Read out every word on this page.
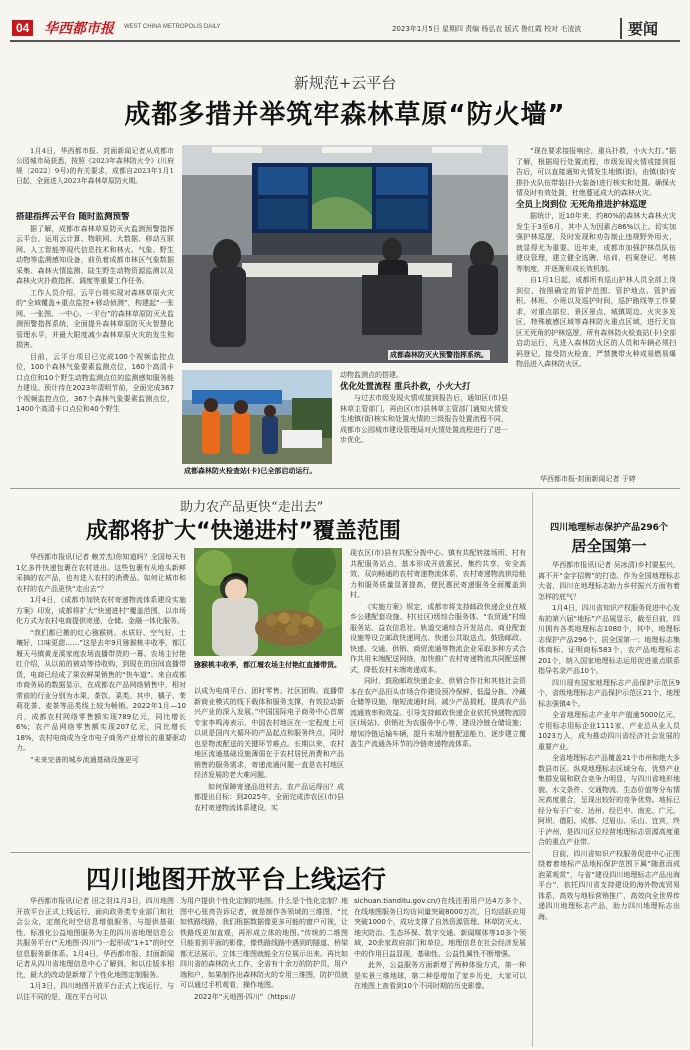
04 华西都市报 WEST CHINA METROPOLIS DAILY	2023年1月5日 星期四 责编 杨弘农 版式 鲁红霞 校对 毛凌波	要闻
新规范+云平台
成都多措并举筑牢森林草原“防火墙”

1月4日，华西都市报、封面新闻记者从成都市公园城市局获悉，按照《2023年森林防火令》(川府规〔2022〕9号)的有关要求，成都自2023年1月1日起，全面进入2023年森林草原防火期。

搭建指挥云平台 随时监测预警

据了解，成都市森林草原防灭火监测预警指挥云平台，运用云计算、物联网、大数据、移动互联网、人工智能等现代信息技术和林火、气象、野生动物等监测感知设备，前负着成都市林区气象数据采集、森林火情监测、陆生野生动物资源监测以及森林火灾扑救指挥、调度等重要工作任务。

工作人员介绍，云平台将实现对森林草原火灾的“全域覆盖+重点监控+移动侦测”，构建起“一张网、一张图、一中心、一平台”的森林草原防灭火监测预警指挥系统，全面提升森林草原防灭火智慧化管理水平，并最大限度减少森林草原火灾的发生和损害。

目前，云平台项目已完成100个视频监控点位，100个森林气象要素监测点位，160个高清卡口点位和10个野生动物监测点位的监测感知服务能力建设。预计待在2023年清明节前，全面完成367个视频监控点位，367个森林气象要素监测点位，1400个高清卡口点位和40个野生

成都森林防灭火预警指挥系统。
成都森林防火检查站(卡)已全部启动运行。

动物监测点的搭建。

优化处置流程 重兵扑救，小火大打

与过去市级发现火情或接到报告后，通知区(市)县林草主管部门，再由区(市)县林草主管部门通知火情发生地镇(街)核实和处置火情的三级报告处置流程不同，成都市公园城市建设管理局对火情处置流程进行了进一步优化。

“现在要求接报响应，重兵扑救，小火大打。”据了解，根据现行处置流程，市级发现火情或接到报告后，可以直接通知火情发生地镇(街)，由镇(街)安排扑火队伍带装(扑火装备)进行核实和处置。确保火情及时有效处置，杜绝蔓延成大的森林火灾。

全员上岗到位 无死角推进护林巡逻

据统计，近10年来，约80%的森林大森林火灾发生于3至6月，其中人为因素占86%以上。切实加强护林巡逻，及时发现和劝告制止违规野外用火，就显得尤为重要。近年来，成都市加强护林员队伍建设管理，建立健全选聘、培训、档案登记、考核等制度，并逐渐形成长效机制。

自1月1日起，成都所有巡山护林人员全部上岗到位，按照确定的管护范围、管护地点、管护面积、林班、小班以及巡护时间，巡护路线等工作要求，对重点部位、景区景点、城镇周边、火灾多发区，特殊敏感区域等森林防火重点区域，进行无盲区无死角的护林巡逻。所有森林防火检查站(卡)全部启动运行，凡进入森林防火区的人员和车辆必须扫码登记，接受防火检查，严禁携带火种或易燃易爆物品进入森林防火区。

华西都市报-封面新闻记者 于婷
助力农产品更快“走出去”
成都将扩大“快递进村”覆盖范围

华西都市报讯(记者 赖芳杰)你知道吗？全国每天有1亿多件快递包裹在农村进出。这些包裹有从地头新鲜采摘的农产品，也有进入农村的消费品。如何让城市和农村的农产品更快“走出去”？

1月4日，《成都市加快农村寄递物流体系建设实施方案》印发，成都将扩大“快递进村”覆盖范围，以市场化方式为农村电商提供寄递、仓储、金融一体化服务。

“我们都已搬的红心猕猴桃、水质好、空气好，土壤好，口味更甜……”这是去年9月猕猴桃丰收季，都江堰天马镇黄龙溪家庭农场直播带货的一幕。农场主付艳红介绍，从以前的被动等待收购，到现在的田间直播带货，电商已经成了果农鲜果销售的“快车道”。来自成都市商务局的数据显示，在成都农产品网络销售中，相对常前的行业分别为水果、茶饮、菜类。其中，橘子、茉莉花茶、麦茶等品类线上较为畅销。2022年1月—10月，成都农村网络零售额实现789亿元，同比增长6%；农产品网络零售额实现207亿元，同比增长18%，农村电商成为全市电子商务产业增长的重要驱动力。

“未来完善的城乡流通基础设施更可

猕猴桃丰收季，都江堰农场主付艳红直播带货。

以成为电商平台、团时零售、社区团购、直播带新商业模式的线下载体和服务支撑，有效拉动新兴产业的深入发展。”中国国际电子商务中心首席专家李鸣涛表示，中国农村地区在一定程度上可以说是国内大循环的产品起点和服务终点，同时也是物流配送的关键环节难点。长期以来，农村地区流通基础设施薄弱在于农村居民消费和产品销售的服务需求，寄递流通问题一直是农村地区经济发展的老大难问题。

如何保障寄递品进村去，农产品运得出？成都提出目标：到2025年，全面完成涉农区(市)县农村寄递物流体系建设，实

现农区(市)县有共配分拨中心、镇有共配转接场所、村有共配服务站点，基本形成开放惠民、集约共享、安全高效、双向畅通的农村寄递物流体系，农村寄递物流供给能力和服务质量显著提高，便民惠民寄递服务全面覆盖到村。

《实施方案》规定，成都市将支持邮政快递企业在城乡公建配套设施、村(社区)级综合服务体、“农贸通”村级服务站、益农信息社、轨道交通综合开发站点、商业配套设施等设立邮政快递网点、快递公共取送点。鼓励邮政、快递、交通、供销、商贸流通等物流企业采取多种方式合作共用末端配送网络，加快推广农村寄递物流共同配送模式，降低农村末端寄递成本。

同时，鼓励邮政快递企业、供销合作社和其他社会资本在农产品田头市场合作建设预冷保鲜、低温分拣、冷藏仓储等设施，缩短流通时间，减少产品损耗，提高农产品流通效率和效益。引导支持邮政快递企业依托快递物流园区(场站)、供销社为农服务中心等，建设冷链仓储设施；增加冷链运输车辆，提升末端冷链配送能力，逐步建立覆盖生产流通各环节的冷链寄递物流体系。

四川地理标志保护产品296个
居全国第一

华西都市报讯(记者 吴冰清)乡村要振兴，离不开“金字招牌”的打造。作为全国地理标志大省，四川在地理标志助力乡村振兴方面有着怎样的底气？

1月4日，四川省知识产权服务促进中心发布的第六届“地标”产品展显示，截至目前，四川拥有各类地理标志1080个，其中，地理标志保护产品296个，居全国第一；地理标志集体商标、证明商标583个，农产品地理标志201个，纳入国家地理标志运用促进重点联系指导名录产品10个。

四川现有国家地理标志产品保护示范区9个，省级地理标志产品保护示范区21个，地理标志强镇4个。

全省地理标志产业年产值逾5000亿元，专用标志用标企业1111家，产业总从业人员1023万人，成为推动四川省经济社会发展的重要产业。

全省地理标志产品覆盖21个市州和绝大多数县市区。纵观地理标志区域分布，优势产业集群发展和联合竞争力明显，与四川省地形地貌、水文条件、交通物流、生态价值等分布情况高度重合，呈现出较好的竞争优势。地标已经分布于广安、达州、经巴中、南充、广元、阿坝、德阳、成都、过眉山、乐山、宜宾，终于泸州，是四川区位经营地理标志资源高度重合的重点产业带。

目前，四川省知识产权服务促进中心正围绕着着地标产品地标保护范围下属“随意而成泡菜观赏”，与省“建设四川地理标志产品出海平台”，依托四川省支持建设的海外物流贸易体系，高效与地标营销推广，高效向全世界传递四川地理标志产品，助力四川地理标志出海。

四川地图开放平台上线运行

华西都市报讯(记者 田之羽)1月3日，四川地图开放平台正式上线运行，面向政务类专业部门和社会公众，定制化时空信息增值服务，与提供基础性、标准化公益地图服务为主的四川省地理信息公共服务平台(“天地图·四川”)一起形成“1+1”的时空信息服务新体系。1月4日，华西都市报、封面新闻记者从四川省地理信息中心了解到，和以往版本相比，最大的改动是新增了个性化地图定制服务。

1月3日，四川地图开放平台正式上线运行，与以往不同的是，现在平台可以

为用户提供个性化定制的地图。什么是个性化定制？地图中心张亮告诉记者，就是制作各领域的三维图，“比如铁路线路，我们根据数据像更多可能的窗户可视，让铁路线更加直观，再形成立体的地图。”传统的二维图只能看到平面的影像，像铁路线路中遇到的隧道、桥梁都无法展示，立体三维图就能全方位展示出来。再比如四川省的森林防火工作，全省有十余万的防护员，用户端和户，如果制作出森林防火的专用三维图，防护员就可以通过手机观看，操作地图。

2022年“天地图·四川”（https://

sichuan.tianditu.gov.cn/)在线注册用户达4万多个，在线地图服务日均访问量突破8000万次，日均活跃应用突破1000个，成功支撑了自然资源管理、林草防灭火、地灾防治、生态环保、数字交通、新闻媒体等10多个领域，20余家政府部门和单位。地理信息在社会经济发展中的作用日益显现，基础性、公益性属性不断增强。

此外，公益服务方面新增了两种体验方式，第一种是实景三维地球，第二种是增加了家乡历史，大家可以在地图上查看到10个不同时期的历史影像。
